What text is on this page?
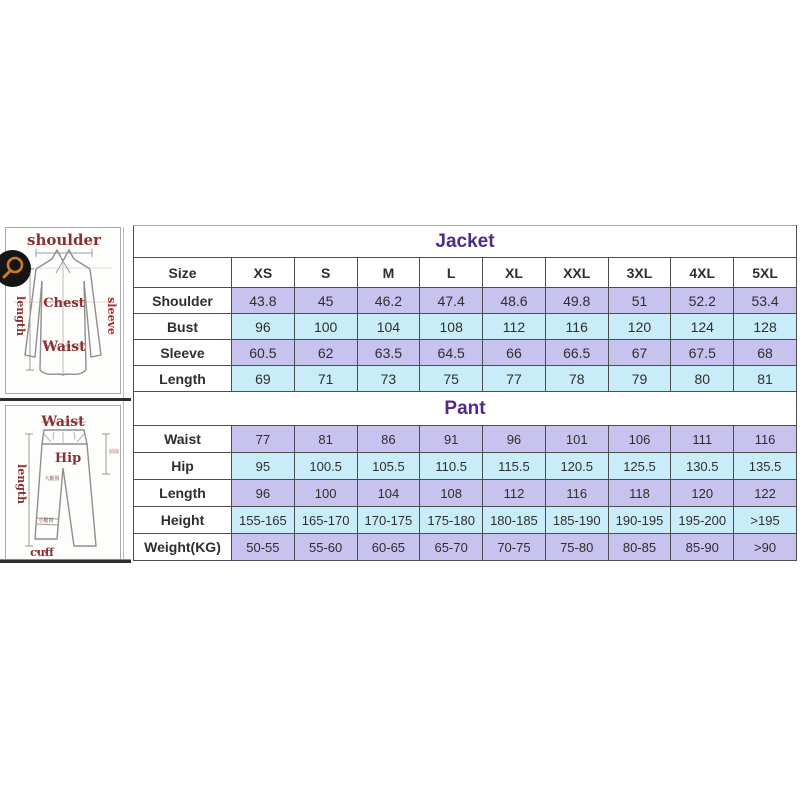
shoulder
length	sleeve
Chest
Waist
Waist
length
Hip	前浪
大腿围
小腿围
cuff
Jacket									
Size	XS	S	M	L	XL	XXL	3XL	4XL	5XL
Shoulder	43.8	45	46.2	47.4	48.6	49.8	51	52.2	53.4
Bust	96	100	104	108	112	116	120	124	128
Sleeve	60.5	62	63.5	64.5	66	66.5	67	67.5	68
Length	69	71	73	75	77	78	79	80	81
Pant									
Waist	77	81	86	91	96	101	106	111	116
Hip	95	100.5	105.5	110.5	115.5	120.5	125.5	130.5	135.5
Length	96	100	104	108	112	116	118	120	122
Height	155-165	165-170	170-175	175-180	180-185	185-190	190-195	195-200	>195
Weight(KG)	50-55	55-60	60-65	65-70	70-75	75-80	80-85	85-90	>90
